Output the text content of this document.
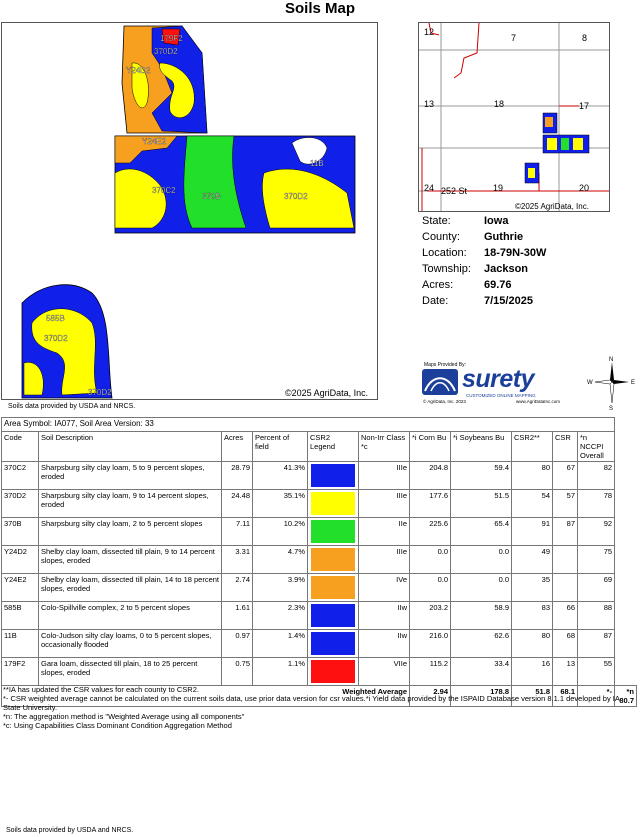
Soils Map
179F2
370D2
Y24D2
Y24E2
11B
370C2
370B	370D2
585B
370D2
370D2	©2025 AgriData, Inc.
12
7	8
13	18	17
24	19	20
252 St
©2025 AgriData, Inc.
State:	Iowa
County:	Guthrie
Location:	18-79N-30W
Township:	Jackson
Acres:	69.76
Date:	7/15/2025
Maps Provided By:
surety
CUSTOMIZED ONLINE MAPPING
© AgriData, Inc. 2023	www.AgriDataInc.com
N
S
W	E
Soils data provided by USDA and NRCS.
Area Symbol: IA077, Soil Area Version: 33											
Code	Soil Description	Acres	Percent of field	CSR2 Legend	Non-Irr Class *c	*i Corn Bu	*i Soybeans Bu	CSR2**	CSR	*n NCCPI Overall	
370C2	Sharpsburg silty clay loam, 5 to 9 percent slopes, eroded	28.79	41.3%		IIIe	204.8	59.4	80	67	82	
370D2	Sharpsburg silty clay loam, 9 to 14 percent slopes, eroded	24.48	35.1%		IIIe	177.6	51.5	54	57	78	
370B	Sharpsburg silty clay loam, 2 to 5 percent slopes	7.11	10.2%		IIe	225.6	65.4	91	87	92	
Y24D2	Shelby clay loam, dissected till plain, 9 to 14 percent slopes, eroded	3.31	4.7%		IIIe	0.0	0.0	49		75	
Y24E2	Shelby clay loam, dissected till plain, 14 to 18 percent slopes, eroded	2.74	3.9%		IVe	0.0	0.0	35		69	
585B	Colo-Spillville complex, 2 to 5 percent slopes	1.61	2.3%		IIw	203.2	58.9	83	66	88	
11B	Colo-Judson silty clay loams, 0 to 5 percent slopes, occasionally flooded	0.97	1.4%		IIw	216.0	62.6	80	68	87	
179F2	Gara loam, dissected till plain, 18 to 25 percent slopes, eroded	0.75	1.1%		VIIe	115.2	33.4	16	13	55	
Weighted Average						2.94	178.8	51.8	68.1	*-	*n 80.7
**IA has updated the CSR values for each county to CSR2.
*- CSR weighted average cannot be calculated on the current soils data, use prior data version for csr values.*i Yield data provided by the ISPAID Database version 8.1.1 developed by IA State University.
*n: The aggregation method is "Weighted Average using all components"
*c: Using Capabilities Class Dominant Condition Aggregation Method
Soils data provided by USDA and NRCS.
